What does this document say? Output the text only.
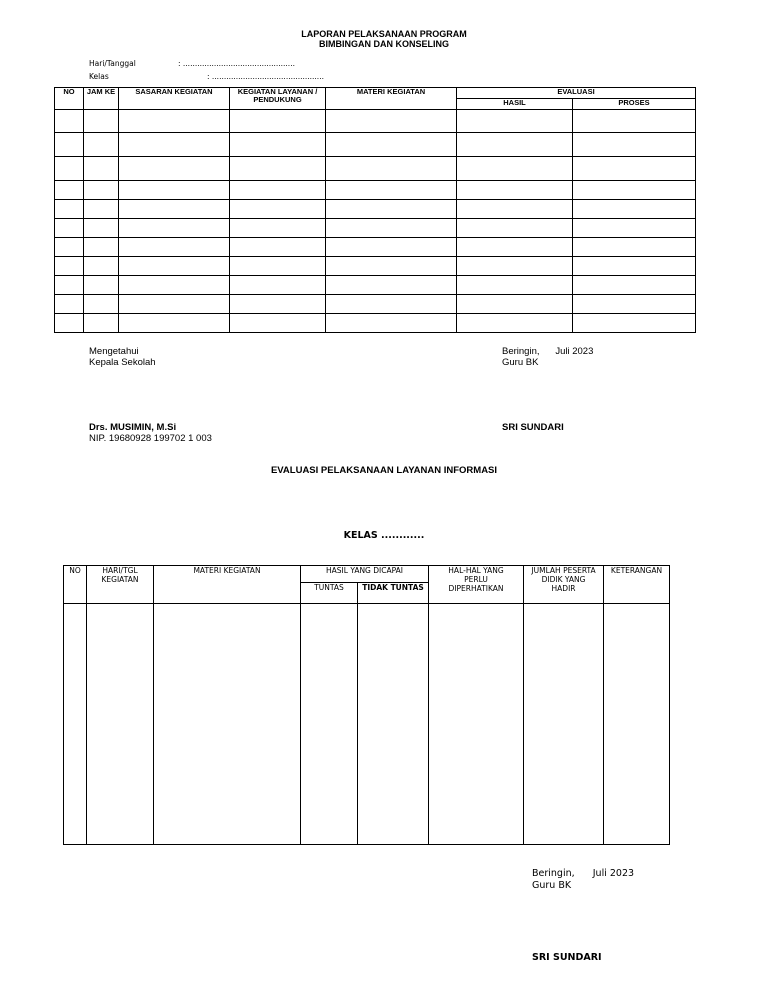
LAPORAN PELAKSANAAN PROGRAM
BIMBINGAN DAN KONSELING
Hari/Tanggal	: ...............................................
Kelas	: ...............................................
NO	JAM KE	SASARAN KEGIATAN	KEGIATAN LAYANAN / PENDUKUNG	MATERI KEGIATAN	EVALUASI	
					HASIL	PROSES

Mengetahui
Kepala Sekolah
Beringin,      Juli 2023
Guru BK
Drs. MUSIMIN, M.Si
NIP. 19680928 199702 1 003
SRI SUNDARI
EVALUASI PELAKSANAAN LAYANAN INFORMASI
KELAS ............
NO	HARI/TGL KEGIATAN	MATERI KEGIATAN	HASIL YANG DICAPAI		HAL-HAL YANG PERLU DIPERHATIKAN	JUMLAH PESERTA DIDIK YANG HADIR	KETERANGAN
			TUNTAS	TIDAK TUNTAS			

Beringin,      Juli 2023
Guru BK
SRI SUNDARI
